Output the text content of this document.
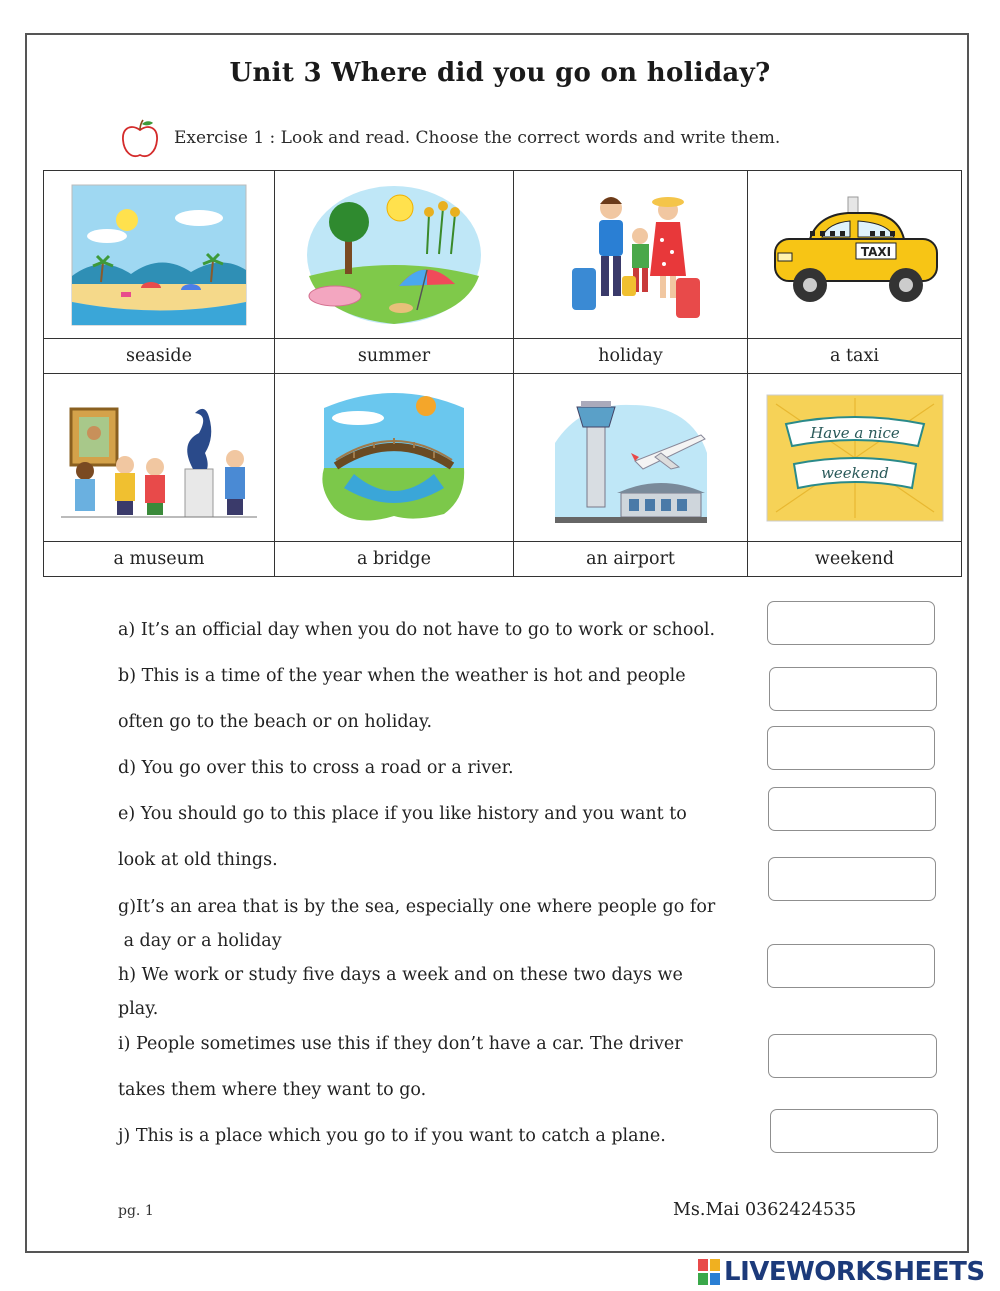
Unit 3 Where did you go on holiday?
Exercise 1 : Look and read. Choose the correct words and write them.

TAXI

seaside	summer	holiday	a taxi

Have a nice
weekend

a museum	a bridge	an airport	weekend
a) It’s an official day when you do not have to go to work or school.
b) This is a time of the year when the weather is hot and people
often go to the beach or on holiday.
d) You go over this to cross a road or a river.
e) You should go to this place if you like history and you want to
look at old things.
g)It’s an area that is by the sea, especially one where people go for
a day or a holiday
h) We work or study five days a week and on these two days we
play.
i) People sometimes use this if they don’t have a car. The driver
takes them where they want to go.
j) This is a place which you go to if you want to catch a plane.
pg. 1	Ms.Mai 0362424535
LIVEWORKSHEETS
